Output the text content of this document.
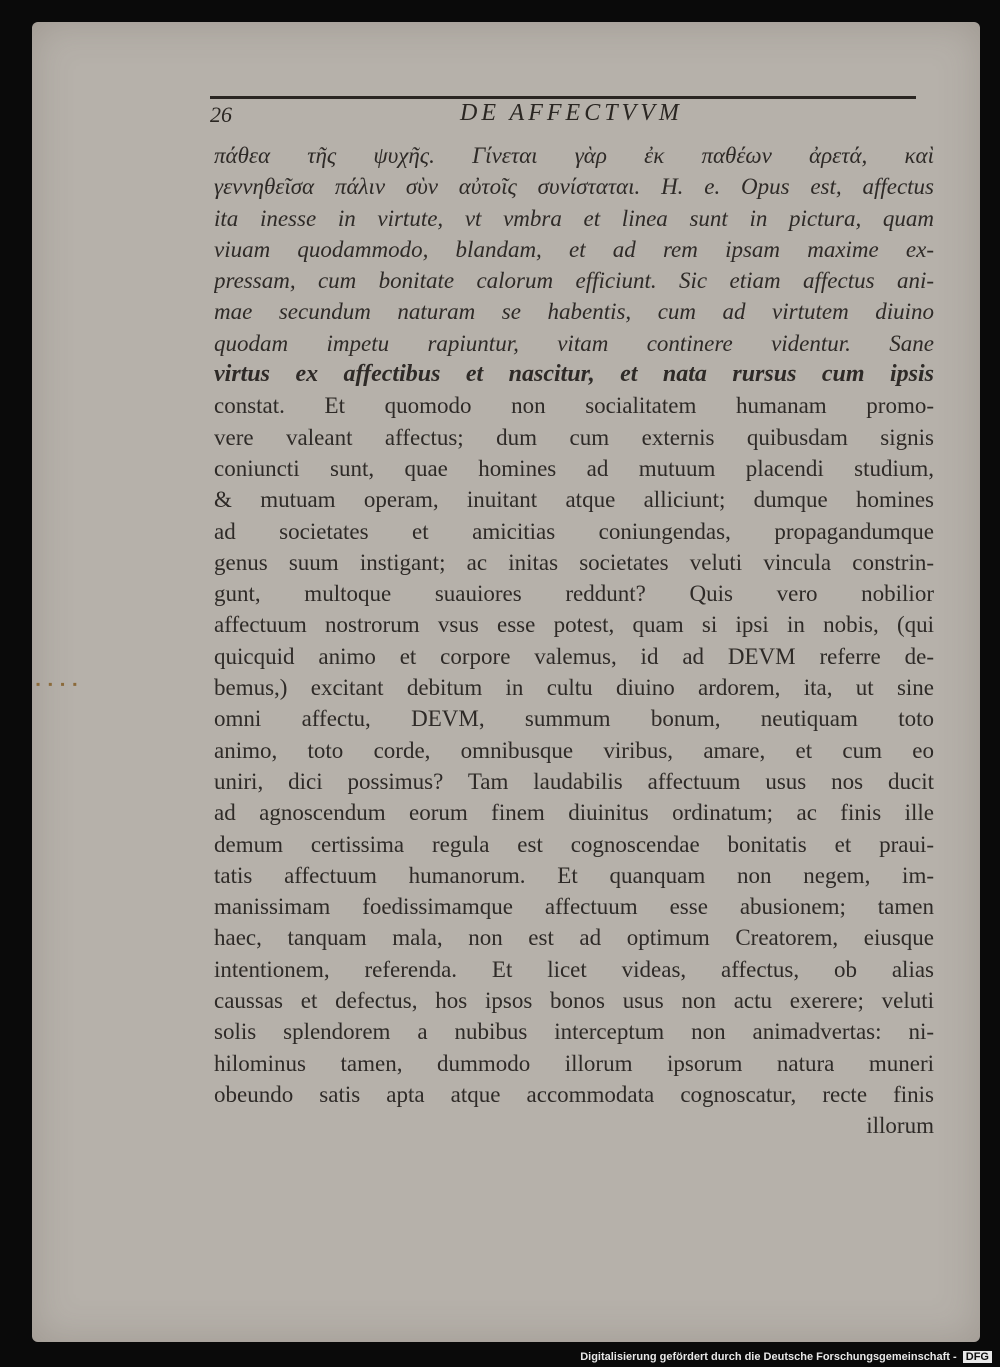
▪▪▪▪
26	DE AFFECTVVM
πάθεα τῆς ψυχῆς. Γίνεται γὰρ ἐκ παθέων ἀρετά, καὶ
γεννηθεῖσα πάλιν σὺν αὐτοῖς συνίσταται. H. e. Opus est, affectus
ita inesse in virtute, vt vmbra et linea sunt in pictura, quam
viuam quodammodo, blandam, et ad rem ipsam maxime ex-
pressam, cum bonitate calorum efficiunt. Sic etiam affectus ani-
mae secundum naturam se habentis, cum ad virtutem diuino
quodam impetu rapiuntur, vitam continere videntur. Sane
virtus ex affectibus et nascitur, et nata rursus cum ipsis
constat. Et quomodo non socialitatem humanam promo-
vere valeant affectus; dum cum externis quibusdam signis
coniuncti sunt, quae homines ad mutuum placendi studium,
& mutuam operam, inuitant atque alliciunt; dumque homines
ad societates et amicitias coniungendas, propagandumque
genus suum instigant; ac initas societates veluti vincula constrin-
gunt, multoque suauiores reddunt? Quis vero nobilior
affectuum nostrorum vsus esse potest, quam si ipsi in nobis, (qui
quicquid animo et corpore valemus, id ad DEVM referre de-
bemus,) excitant debitum in cultu diuino ardorem, ita, ut sine
omni affectu, DEVM, summum bonum, neutiquam toto
animo, toto corde, omnibusque viribus, amare, et cum eo
uniri, dici possimus? Tam laudabilis affectuum usus nos ducit
ad agnoscendum eorum finem diuinitus ordinatum; ac finis ille
demum certissima regula est cognoscendae bonitatis et praui-
tatis affectuum humanorum. Et quanquam non negem, im-
manissimam foedissimamque affectuum esse abusionem; tamen
haec, tanquam mala, non est ad optimum Creatorem, eiusque
intentionem, referenda. Et licet videas, affectus, ob alias
caussas et defectus, hos ipsos bonos usus non actu exerere; veluti
solis splendorem a nubibus interceptum non animadvertas: ni-
hilominus tamen, dummodo illorum ipsorum natura muneri
obeundo satis apta atque accommodata cognoscatur, recte finis
illorum
Digitalisierung gefördert durch die Deutsche Forschungsgemeinschaft - DFG
